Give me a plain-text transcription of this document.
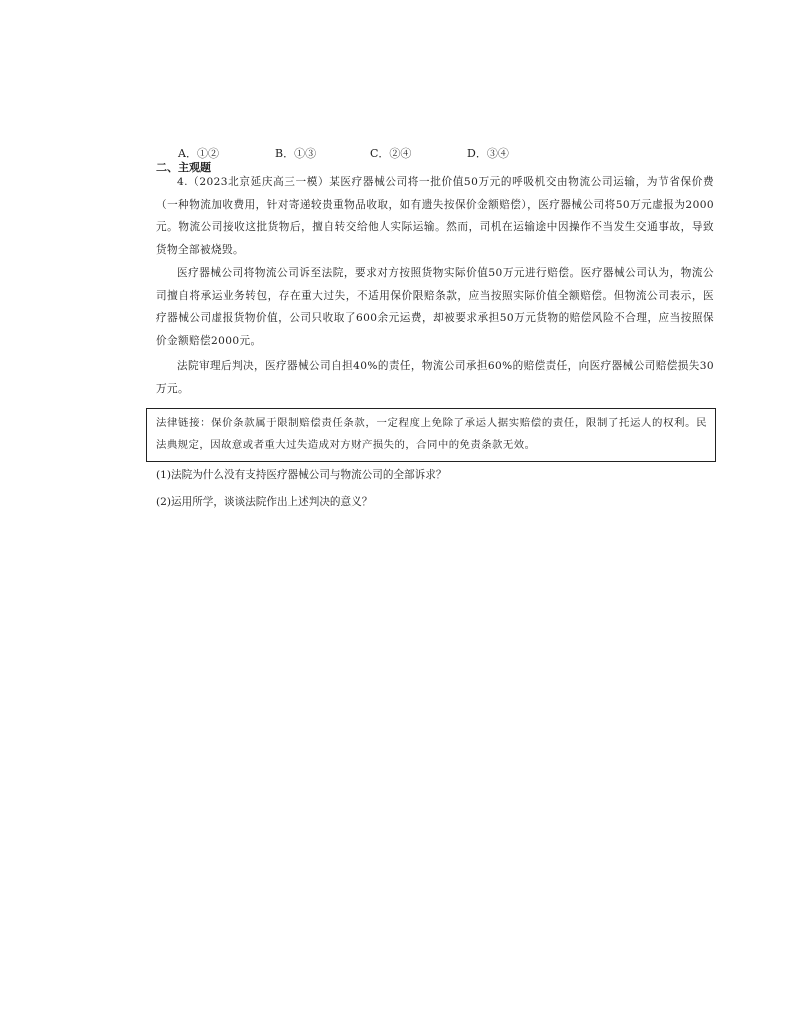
A．①②	B．①③	C．②④	D．③④
二、主观题

4.（2023北京延庆高三一模）某医疗器械公司将一批价值50万元的呼吸机交由物流公司运输，为节省保价费（一种物流加收费用，针对寄递较贵重物品收取，如有遗失按保价金额赔偿），医疗器械公司将50万元虚报为2000元。物流公司接收这批货物后，擅自转交给他人实际运输。然而，司机在运输途中因操作不当发生交通事故，导致货物全部被烧毁。

医疗器械公司将物流公司诉至法院，要求对方按照货物实际价值50万元进行赔偿。医疗器械公司认为，物流公司擅自将承运业务转包，存在重大过失，不适用保价限赔条款，应当按照实际价值全额赔偿。但物流公司表示，医疗器械公司虚报货物价值，公司只收取了600余元运费，却被要求承担50万元货物的赔偿风险不合理，应当按照保价金额赔偿2000元。

法院审理后判决，医疗器械公司自担40%的责任，物流公司承担60%的赔偿责任，向医疗器械公司赔偿损失30万元。

法律链接：保价条款属于限制赔偿责任条款，一定程度上免除了承运人据实赔偿的责任，限制了托运人的权利。民法典规定，因故意或者重大过失造成对方财产损失的，合同中的免责条款无效。
(1)法院为什么没有支持医疗器械公司与物流公司的全部诉求？
(2)运用所学，谈谈法院作出上述判决的意义？
